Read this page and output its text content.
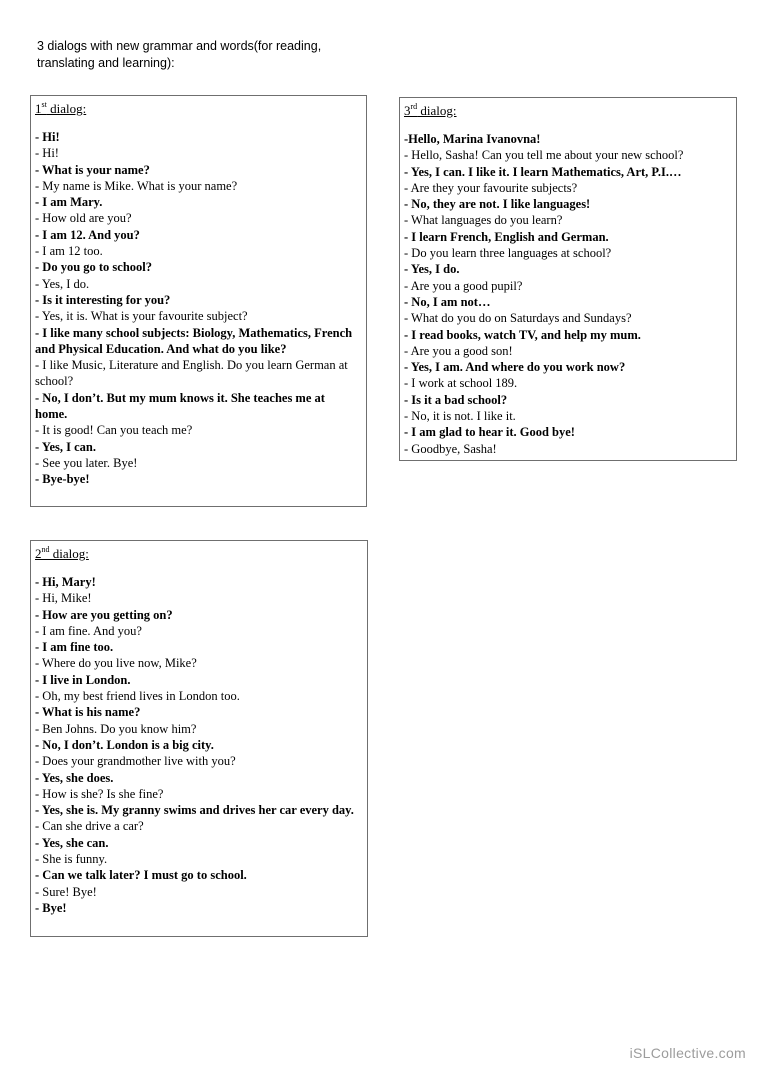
3 dialogs with new grammar and words(for reading, translating and learning):
1st dialog:
- Hi!
- Hi!
- What is your name?
- My name is Mike. What is your name?
- I am Mary.
- How old are you?
- I am 12. And you?
- I am 12 too.
- Do you go to school?
- Yes, I do.
- Is it interesting for you?
- Yes, it is. What is your favourite subject?
- I like many school subjects: Biology, Mathematics, French and Physical Education. And what do you like?
- I like Music, Literature and English. Do you learn German at school?
- No, I don’t. But my mum knows it. She teaches me at home.
- It is good! Can you teach me?
- Yes, I can.
- See you later. Bye!
- Bye-bye!
3rd dialog:
-Hello, Marina Ivanovna!
- Hello, Sasha! Can you tell me about your new school?
- Yes, I can. I like it. I learn Mathematics, Art, P.I.…
- Are they your favourite subjects?
- No, they are not. I like languages!
- What languages do you learn?
- I learn French, English and German.
- Do you learn three languages at school?
- Yes, I do.
- Are you a good pupil?
- No, I am not…
- What do you do on Saturdays and Sundays?
- I read books, watch TV, and help my mum.
- Are you a good son!
- Yes, I am. And where do you work now?
- I work at school 189.
- Is it a bad school?
- No, it is not. I like it.
- I am glad to hear it. Good bye!
- Goodbye, Sasha!
2nd dialog:
- Hi, Mary!
- Hi, Mike!
- How are you getting on?
- I am fine. And you?
- I am fine too.
- Where do you live now, Mike?
- I live in London.
- Oh, my best friend lives in London too.
- What is his name?
- Ben Johns. Do you know him?
- No, I don’t. London is a big city.
- Does your grandmother live with you?
- Yes, she does.
- How is she? Is she fine?
- Yes, she is. My granny swims and drives her car every day.
- Can she drive a car?
- Yes, she can.
- She is funny.
- Can we talk later? I must go to school.
- Sure! Bye!
- Bye!
iSLCollective.com
